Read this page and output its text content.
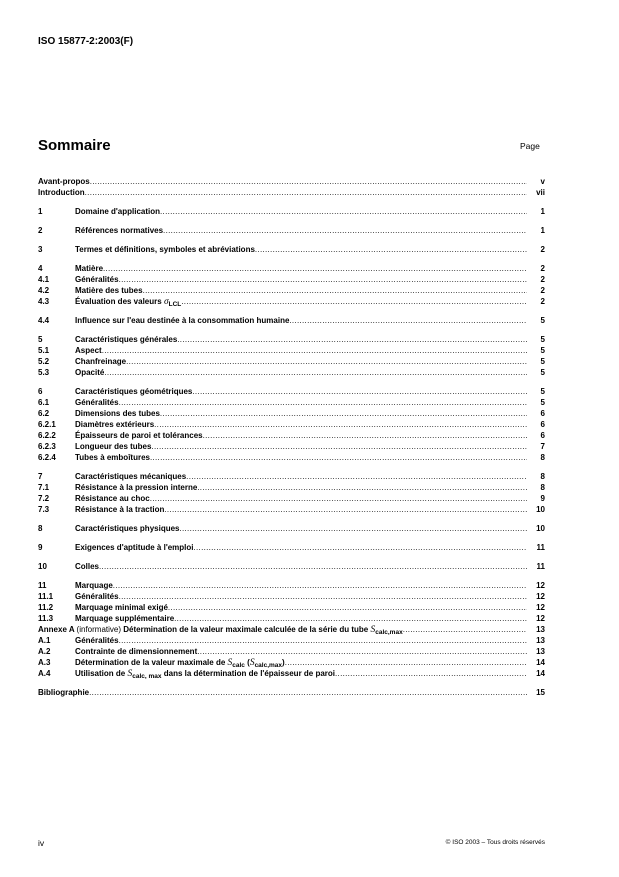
ISO 15877-2:2003(F)
Sommaire	Page
Avant-propos .....	v
Introduction .....	vii
1	Domaine d'application .....	1
2	Références normatives .....	1
3	Termes et définitions, symboles et abréviations .....	2
4	Matière .....	2
4.1	Généralités .....	2
4.2	Matière des tubes .....	2
4.3	Évaluation des valeurs $\sigma_{LCL}$ .....	2
4.4	Influence sur l'eau destinée à la consommation humaine .....	5
5	Caractéristiques générales .....	5
5.1	Aspect .....	5
5.2	Chanfreinage .....	5
5.3	Opacité .....	5
6	Caractéristiques géométriques .....	5
6.1	Généralités .....	5
6.2	Dimensions des tubes .....	6
6.2.1 Diamètres extérieurs .....	6
6.2.2 Épaisseurs de paroi et tolérances .....	6
6.2.3 Longueur des tubes .....	7
6.2.4 Tubes à emboîtures .....	8
7	Caractéristiques mécaniques .....	8
7.1	Résistance à la pression interne .....	8
7.2	Résistance au choc .....	9
7.3	Résistance à la traction .....	10
8	Caractéristiques physiques .....	10
9	Exigences d'aptitude à l'emploi .....	11
10	Colles .....	11
11	Marquage .....	12
11.1	Généralités .....	12
11.2	Marquage minimal exigé .....	12
11.3	Marquage supplémentaire .....	12
Annexe A (informative) Détermination de la valeur maximale calculée de la série du tube $S_{calc,max}$ .....	13
A.1	Généralités .....	13
A.2	Contrainte de dimensionnement .....	13
A.3	Détermination de la valeur maximale de $S_{calc}$ $(S_{calc,max})$ .....	14
A.4	Utilisation de $S_{calc, max}$ dans la détermination de l'épaisseur de paroi .....	14
Bibliographie .....	15
iv	© ISO 2003 – Tous droits réservés
